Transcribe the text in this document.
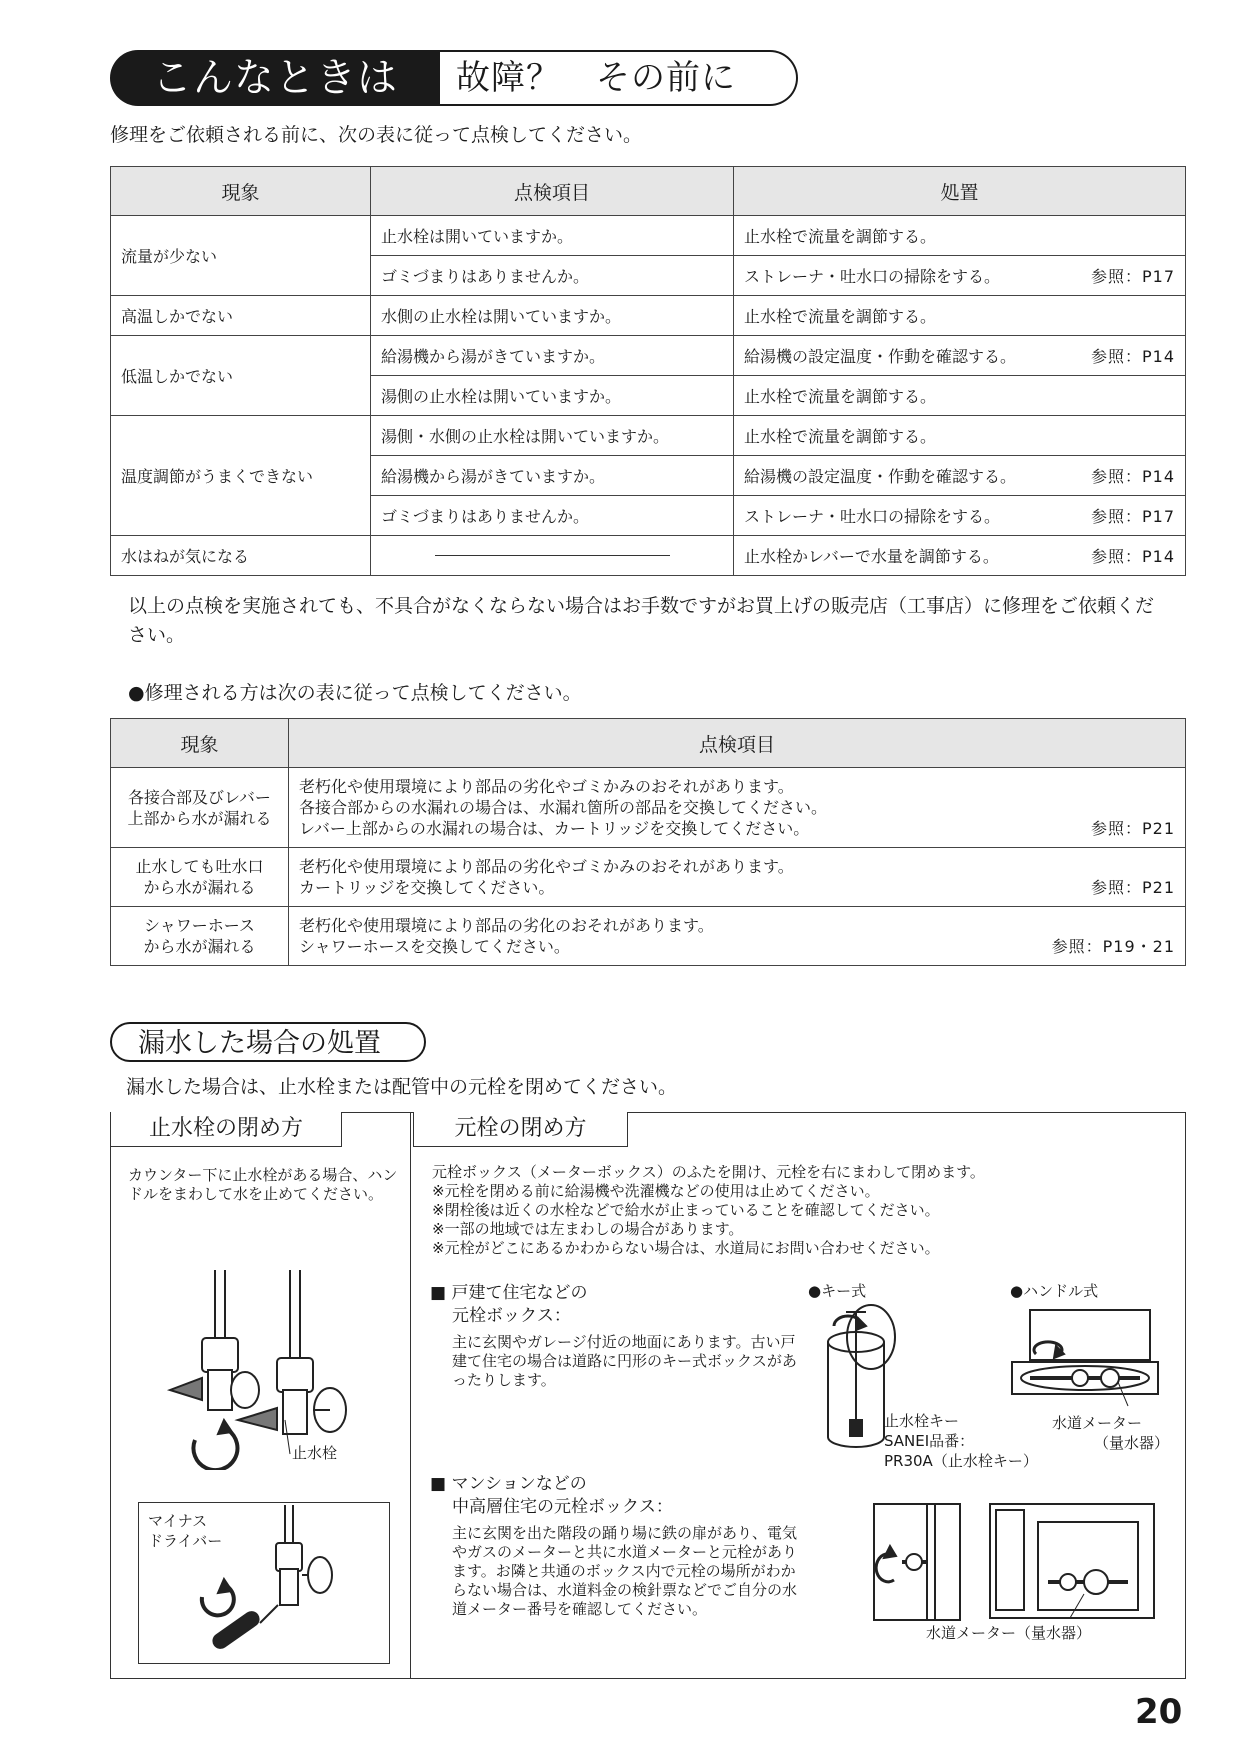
こんなときは	故障？　その前に
修理をご依頼される前に、次の表に従って点検してください。
現象	点検項目	処置
流量が少ない	止水栓は開いていますか。	止水栓で流量を調節する。
	ゴミづまりはありませんか。	ストレーナ・吐水口の掃除をする。 参照：P17

高温しかでない	水側の止水栓は開いていますか。	止水栓で流量を調節する。
低温しかでない	給湯機から湯がきていますか。	給湯機の設定温度・作動を確認する。 参照：P14

	湯側の止水栓は開いていますか。	止水栓で流量を調節する。
温度調節がうまくできない	湯側・水側の止水栓は開いていますか。	止水栓で流量を調節する。
	給湯機から湯がきていますか。	給湯機の設定温度・作動を確認する。 参照：P14

	ゴミづまりはありませんか。	ストレーナ・吐水口の掃除をする。 参照：P17

水はねが気になる		止水栓かレバーで水量を調節する。 参照：P14
以上の点検を実施されても、不具合がなくならない場合はお手数ですがお買上げの販売店（工事店）に修理をご依頼ください。
●修理される方は次の表に従って点検してください。
現象	点検項目

各接合部及びレバー
上部から水が漏れる	老朽化や使用環境により部品の劣化やゴミかみのおそれがあります。
各接合部からの水漏れの場合は、水漏れ箇所の部品を交換してください。
レバー上部からの水漏れの場合は、カートリッジを交換してください。 参照：P21

止水しても吐水口
から水が漏れる	老朽化や使用環境により部品の劣化やゴミかみのおそれがあります。
カートリッジを交換してください。 参照：P21

シャワーホース
から水が漏れる	老朽化や使用環境により部品の劣化のおそれがあります。
シャワーホースを交換してください。 参照：P19・21
漏水した場合の処置
漏水した場合は、止水栓または配管中の元栓を閉めてください。
止水栓の閉め方	元栓の閉め方
カウンター下に止水栓がある場合、ハンドルをまわして水を止めてください。
止水栓
マイナス
ドライバー
元栓ボックス（メーターボックス）のふたを開け、元栓を右にまわして閉めます。
※元栓を閉める前に給湯機や洗濯機などの使用は止めてください。
※閉栓後は近くの水栓などで給水が止まっていることを確認してください。
※一部の地域では左まわしの場合があります。
※元栓がどこにあるかわからない場合は、水道局にお問い合わせください。
■ 戸建て住宅などの
元栓ボックス：
主に玄関やガレージ付近の地面にあります。古い戸建て住宅の場合は道路に円形のキー式ボックスがあったりします。
●キー式	●ハンドル式
止水栓キー
SANEI品番：
PR30A（止水栓キー）
水道メーター
（量水器）
■ マンションなどの
中高層住宅の元栓ボックス：
主に玄関を出た階段の踊り場に鉄の扉があり、電気やガスのメーターと共に水道メーターと元栓があります。お隣と共通のボックス内で元栓の場所がわからない場合は、水道料金の検針票などでご自分の水道メーター番号を確認してください。
水道メーター（量水器）
20
